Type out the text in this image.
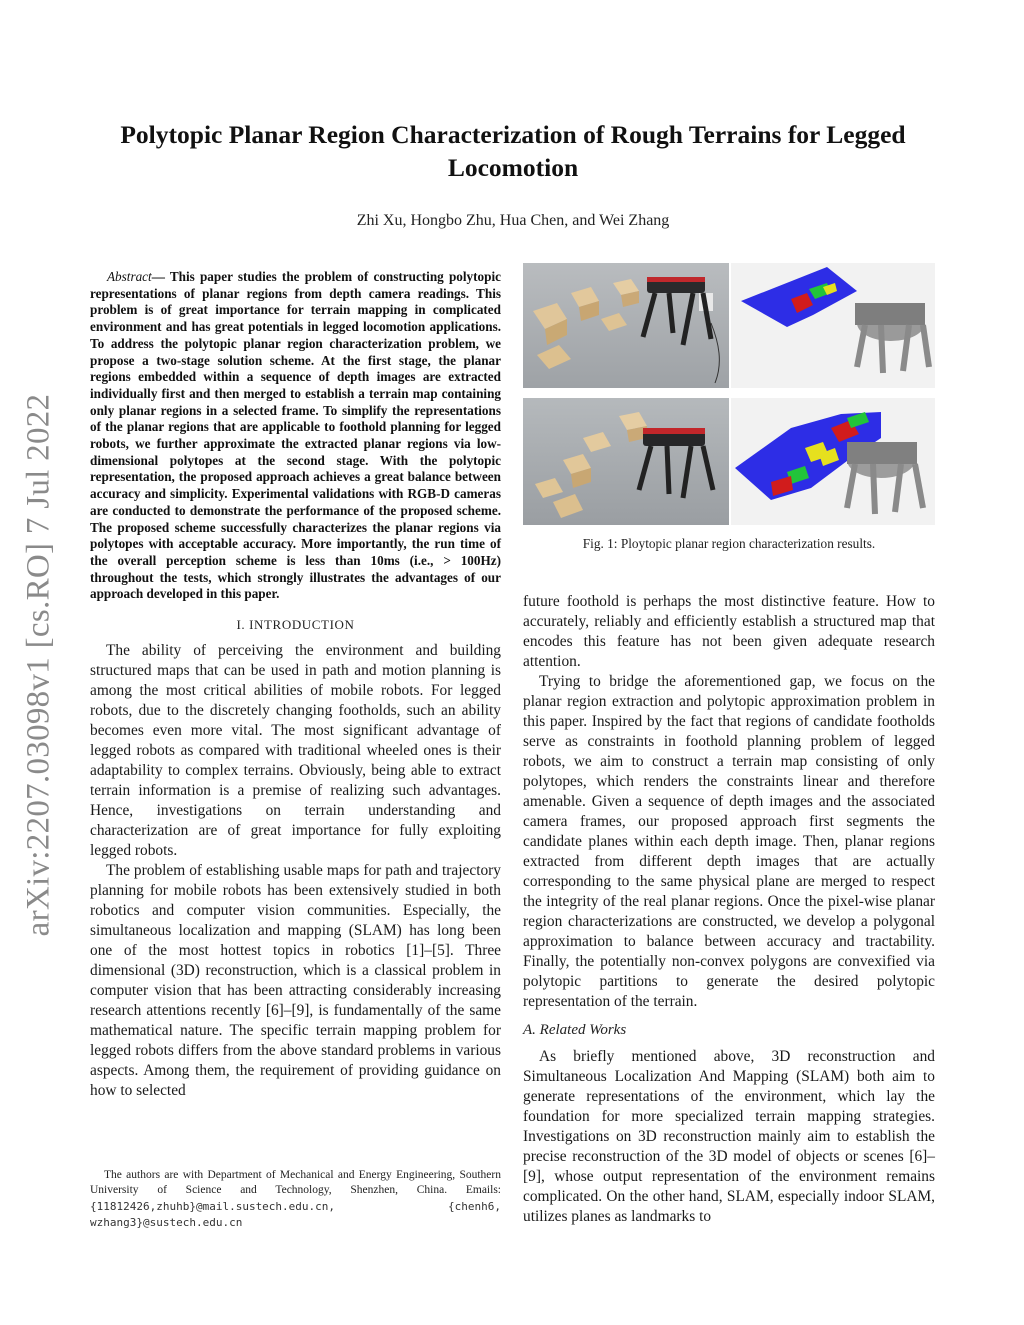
arXiv:2207.03098v1 [cs.RO] 7 Jul 2022
Polytopic Planar Region Characterization of Rough Terrains for Legged Locomotion
Zhi Xu, Hongbo Zhu, Hua Chen, and Wei Zhang

Abstract— This paper studies the problem of constructing polytopic representations of planar regions from depth camera readings. This problem is of great importance for terrain mapping in complicated environment and has great potentials in legged locomotion applications. To address the polytopic planar region characterization problem, we propose a two-stage solution scheme. At the first stage, the planar regions embedded within a sequence of depth images are extracted individually first and then merged to establish a terrain map containing only planar regions in a selected frame. To simplify the representations of the planar regions that are applicable to foothold planning for legged robots, we further approximate the extracted planar regions via low-dimensional polytopes at the second stage. With the polytopic representation, the proposed approach achieves a great balance between accuracy and simplicity. Experimental validations with RGB-D cameras are conducted to demonstrate the performance of the proposed scheme. The proposed scheme successfully characterizes the planar regions via polytopes with acceptable accuracy. More importantly, the run time of the overall perception scheme is less than 10ms (i.e., > 100Hz) throughout the tests, which strongly illustrates the advantages of our approach developed in this paper.

I. INTRODUCTION

The ability of perceiving the environment and building structured maps that can be used in path and motion planning is among the most critical abilities of mobile robots. For legged robots, due to the discretely changing footholds, such an ability becomes even more vital. The most significant advantage of legged robots as compared with traditional wheeled ones is their adaptability to complex terrains. Obviously, being able to extract terrain information is a premise of realizing such advantages. Hence, investigations on terrain understanding and characterization are of great importance for fully exploiting legged robots.

The problem of establishing usable maps for path and trajectory planning for mobile robots has been extensively studied in both robotics and computer vision communities. Especially, the simultaneous localization and mapping (SLAM) has long been one of the most hottest topics in robotics [1]–[5]. Three dimensional (3D) reconstruction, which is a classical problem in computer vision that has been attracting considerably increasing research attentions recently [6]–[9], is fundamentally of the same mathematical nature. The specific terrain mapping problem for legged robots differs from the above standard problems in various aspects. Among them, the requirement of providing guidance on how to selected

The authors are with Department of Mechanical and Energy Engineering, Southern University of Science and Technology, Shenzhen, China. Emails: {11812426,zhuhb}@mail.sustech.edu.cn, {chenh6, wzhang3}@sustech.edu.cn
Fig. 1: Ploytopic planar region characterization results.

future foothold is perhaps the most distinctive feature. How to accurately, reliably and efficiently establish a structured map that encodes this feature has not been given adequate research attention.

Trying to bridge the aforementioned gap, we focus on the planar region extraction and polytopic approximation problem in this paper. Inspired by the fact that regions of candidate footholds serve as constraints in foothold planning problem of legged robots, we aim to construct a terrain map consisting of only polytopes, which renders the constraints linear and therefore amenable. Given a sequence of depth images and the associated camera frames, our proposed approach first segments the candidate planes within each depth image. Then, planar regions extracted from different depth images that are actually corresponding to the same physical plane are merged to respect the integrity of the real planar regions. Once the pixel-wise planar region characterizations are constructed, we develop a polygonal approximation to balance between accuracy and tractability. Finally, the potentially non-convex polygons are convexified via polytopic partitions to generate the desired polytopic representation of the terrain.

A. Related Works

As briefly mentioned above, 3D reconstruction and Simultaneous Localization And Mapping (SLAM) both aim to generate representations of the environment, which lay the foundation for more specialized terrain mapping strategies. Investigations on 3D reconstruction mainly aim to establish the precise reconstruction of the 3D model of objects or scenes [6]–[9], whose output representation of the environment remains complicated. On the other hand, SLAM, especially indoor SLAM, utilizes planes as landmarks to
